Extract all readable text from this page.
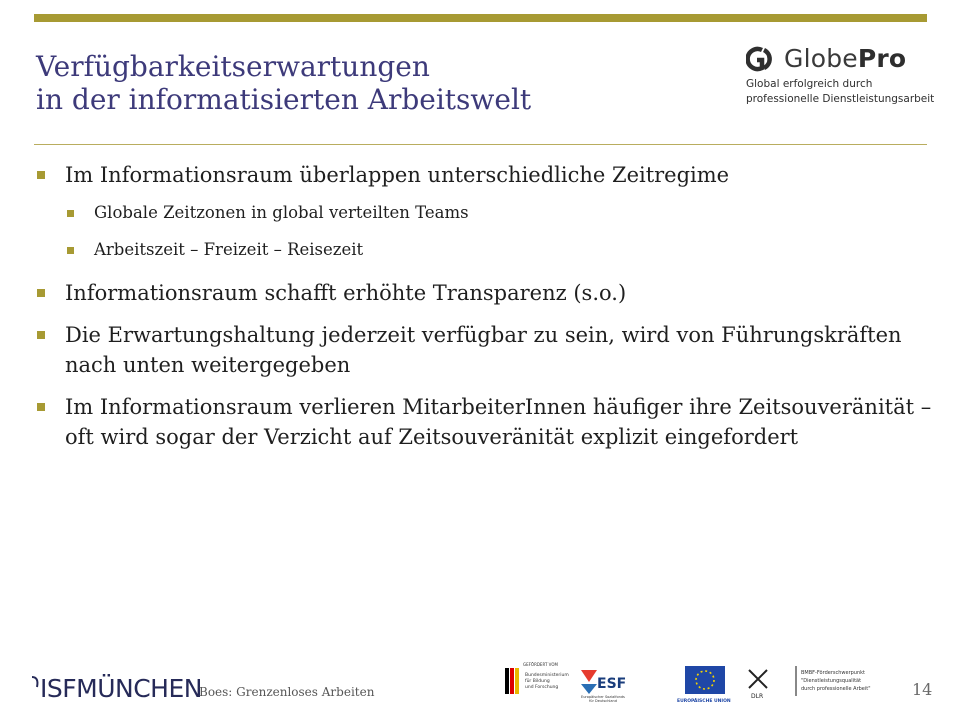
Verfügbarkeitserwartungen
in der informatisierten Arbeitswelt
GlobePro
Global erfolgreich durch
professionelle Dienstleistungsarbeit
Im Informationsraum überlappen unterschiedliche Zeitregime
Globale Zeitzonen in global verteilten Teams
Arbeitszeit – Freizeit – Reisezeit
Informationsraum schafft erhöhte Transparenz (s.o.)
Die Erwartungshaltung jederzeit verfügbar zu sein, wird von Führungskräften nach unten weitergegeben
Im Informationsraum verlieren MitarbeiterInnen häufiger ihre Zeitsouveränität – oft wird sogar der Verzicht auf Zeitsouveränität explizit eingefordert
ISFMÜNCHEN
Boes: Grenzenloses Arbeiten	14
GEFÖRDERT VOM
Bundesministerium
für Bildung
und Forschung	ESF
Europäischer Sozialfonds
für Deutschland	EUROPÄISCHE UNION
DLR
BMBF-Förderschwerpunkt
"Dienstleistungsqualität
durch professionelle Arbeit"
